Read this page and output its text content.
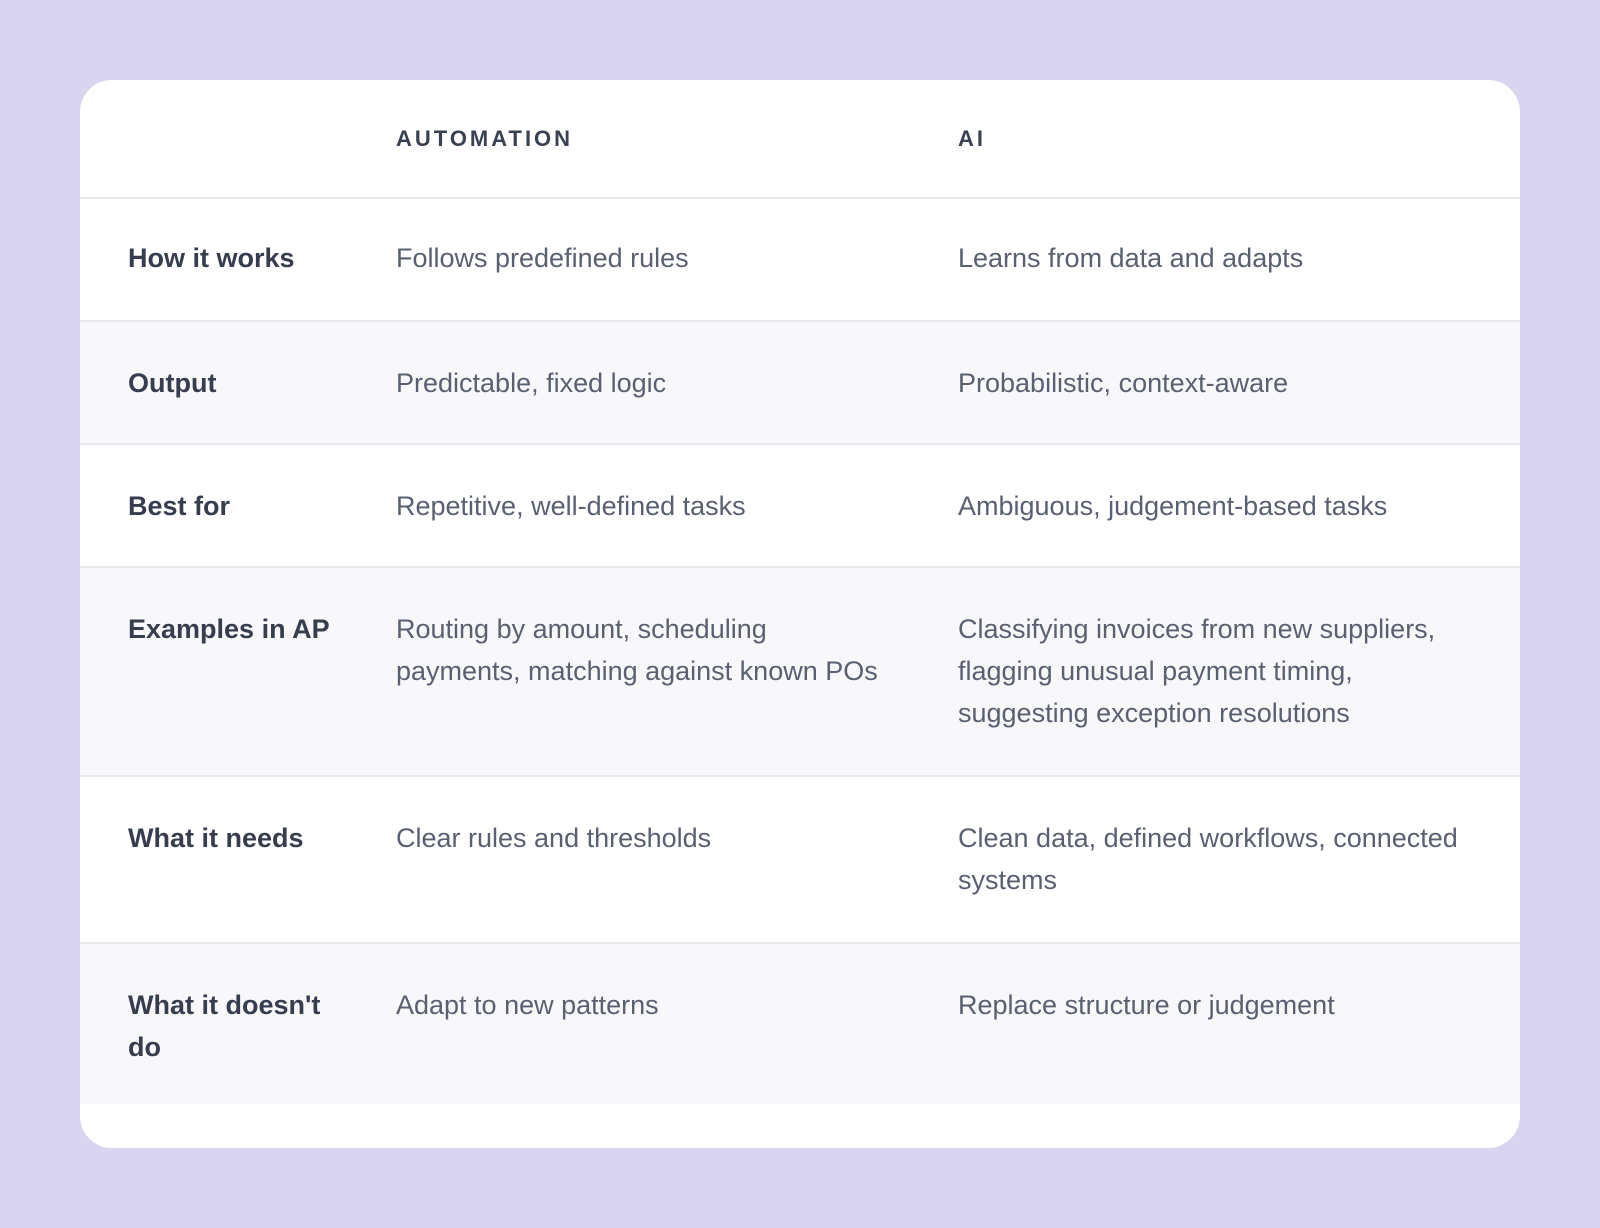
	AUTOMATION	AI
How it works	Follows predefined rules	Learns from data and adapts
Output	Predictable, fixed logic	Probabilistic, context-aware
Best for	Repetitive, well-defined tasks	Ambiguous, judgement-based tasks
Examples in AP	Routing by amount, scheduling payments, matching against known POs	Classifying invoices from new suppliers, flagging unusual payment timing, suggesting exception resolutions
What it needs	Clear rules and thresholds	Clean data, defined workflows, connected systems
What it doesn't do	Adapt to new patterns	Replace structure or judgement
